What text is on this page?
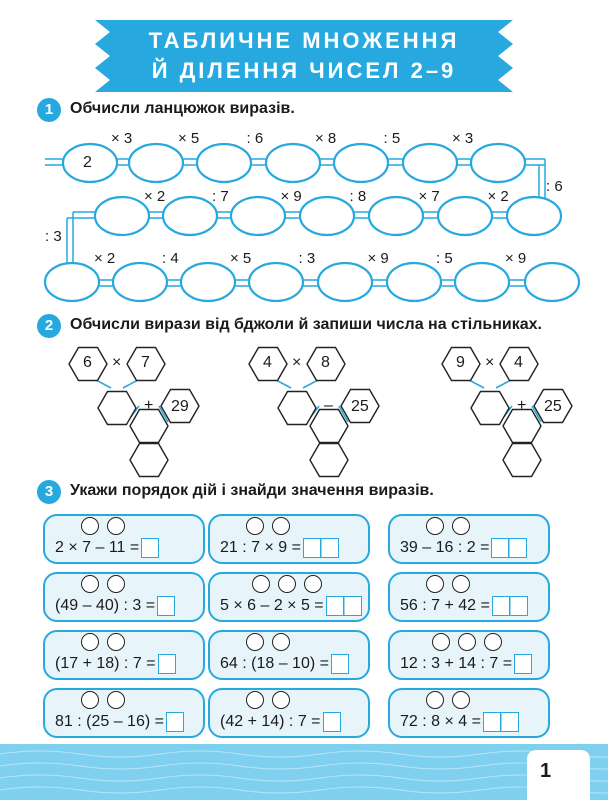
ТАБЛИЧНЕ МНОЖЕННЯ
Й ДІЛЕННЯ ЧИСЕЛ 2–9
1	Обчисли ланцюжок виразів.
2
× 3	× 5	: 6	× 8	: 5	× 3
× 2	: 7	× 9	: 8	× 7	× 2
× 2	: 4	× 5	: 3	× 9	: 5	× 9
: 6
: 3
2	Обчисли вирази від бджоли й запиши числа на стільниках.
6	7
×
29
+
4	8
×
25
–
9	4
×
25
+
3	Укажи порядок дій і знайди значення виразів.
2 × 7 – 11 =	21 : 7 × 9 =	39 – 16 : 2 =
(49 – 40) : 3 =	5 × 6 – 2 × 5 =	56 : 7 + 42 =
(17 + 18) : 7 =	64 : (18 – 10) =	12 : 3 + 14 : 7 =
81 : (25 – 16) =	(42 + 14) : 7 =	72 : 8 × 4 =
1
